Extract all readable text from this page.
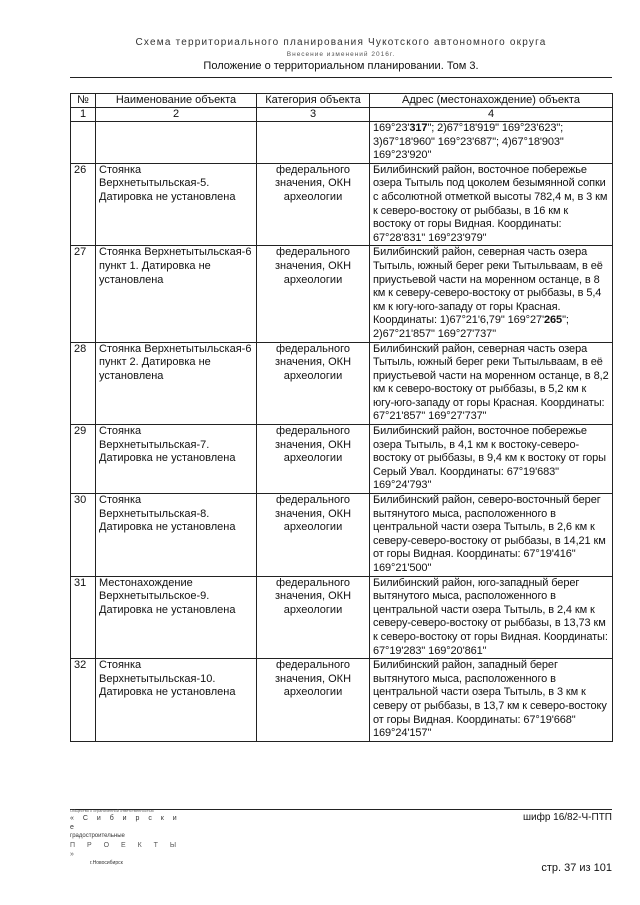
Схема территориального планирования Чукотского автономного округа
Внесение изменений 2016г.
Положение о территориальном планировании. Том 3.
№	Наименование объекта	Категория объекта	Адрес (местонахождение) объекта
1	2	3	4
			169°23'317"; 2)67°18'919" 169°23'623"; 3)67°18'960" 169°23'687"; 4)67°18'903" 169°23'920"
26	Стоянка Верхнетытыльская-5. Датировка не установлена	федерального значения, ОКН археологии	Билибинский район, восточное побережье озера Тытыль под цоколем безымянной сопки с абсолютной отметкой высоты 782,4 м, в 3 км к северо-востоку от рыббазы, в 16 км к востоку от горы Видная. Координаты: 67°28'831" 169°23'979"
27	Стоянка Верхнетытыльская-6 пункт 1. Датировка не установлена	федерального значения, ОКН археологии	Билибинский район, северная часть озера Тытыль, южный берег реки Тытыльваам, в её приустьевой части на моренном останце, в 8 км к северу-северо-востоку от рыббазы, в 5,4 км к югу-юго-западу от горы Красная. Координаты: 1)67°21'6,79" 169°27'265"; 2)67°21'857" 169°27'737"
28	Стоянка Верхнетытыльская-6 пункт 2. Датировка не установлена	федерального значения, ОКН археологии	Билибинский район, северная часть озера Тытыль, южный берег реки Тытыльваам, в её приустьевой части на моренном останце, в 8,2 км к северо-востоку от рыббазы, в 5,2 км к югу-юго-западу от горы Красная. Координаты: 67°21'857" 169°27'737"
29	Стоянка Верхнетытыльская-7. Датировка не установлена	федерального значения, ОКН археологии	Билибинский район, восточное побережье озера Тытыль, в 4,1 км к востоку-северо-востоку от рыббазы, в 9,4 км к востоку от горы Серый Увал. Координаты: 67°19'683" 169°24'793"
30	Стоянка Верхнетытыльская-8. Датировка не установлена	федерального значения, ОКН археологии	Билибинский район, северо-восточный берег вытянутого мыса, расположенного в центральной части озера Тытыль, в 2,6 км к северу-северо-востоку от рыббазы, в 14,21 км от горы Видная. Координаты: 67°19'416" 169°21'500"
31	Местонахождение Верхнетытыльское-9. Датировка не установлена	федерального значения, ОКН археологии	Билибинский район, юго-западный берег вытянутого мыса, расположенного в центральной части озера Тытыль, в 2,4 км к северу-северо-востоку от рыббазы, в 13,73 км к северо-востоку от горы Видная. Координаты: 67°19'283" 169°20'861"
32	Стоянка Верхнетытыльская-10. Датировка не установлена	федерального значения, ОКН археологии	Билибинский район, западный берег вытянутого мыса, расположенного в центральной части озера Тытыль, в 3 км к северу от рыббазы, в 13,7 км к северо-востоку от горы Видная. Координаты: 67°19'668" 169°24'157"
Общество с ограниченной ответственностью
« С и б и р с к и е
градостроительные
П Р О Е К Т Ы »
г.Новосибирск
шифр 16/82-Ч-ПТП
стр. 37 из 101
